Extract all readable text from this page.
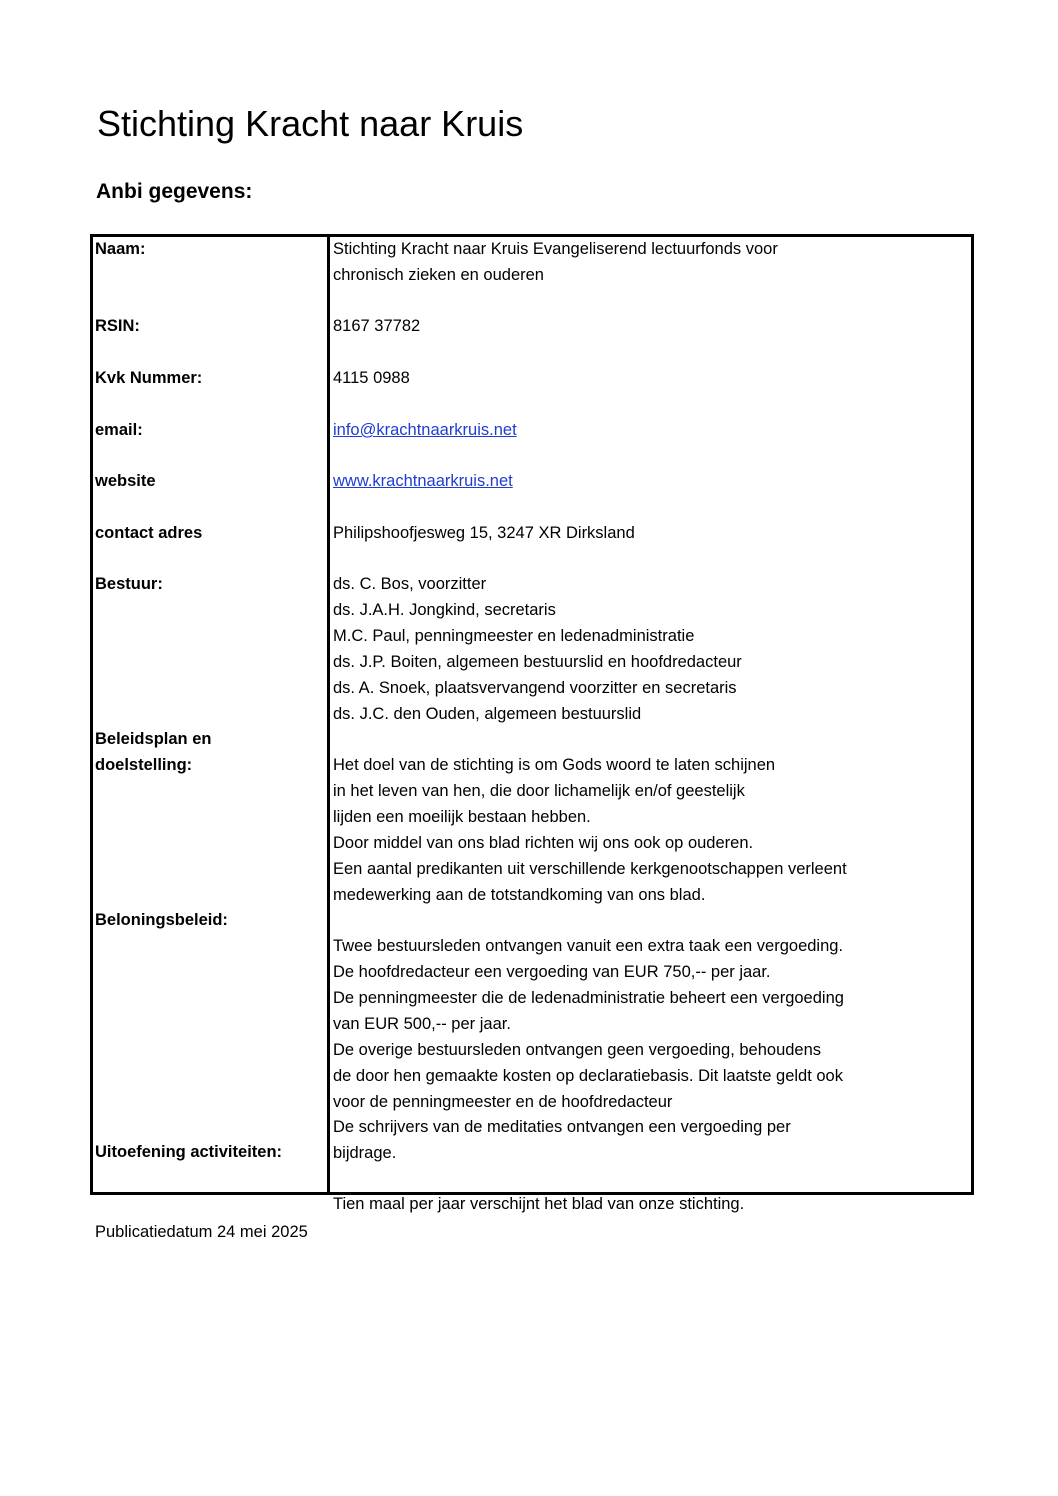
Stichting Kracht naar Kruis
Anbi gegevens:
Naam:
RSIN:
Kvk Nummer:
email:
website
contact adres
Bestuur:
Beleidsplan en
doelstelling:
Beloningsbeleid:
Uitoefening activiteiten:
Stichting Kracht naar Kruis Evangeliserend lectuurfonds voor
chronisch zieken en ouderen
8167 37782
4115 0988
info@krachtnaarkruis.net
www.krachtnaarkruis.net
Philipshoofjesweg 15, 3247 XR Dirksland
ds. C. Bos, voorzitter
ds. J.A.H. Jongkind, secretaris
M.C. Paul, penningmeester en ledenadministratie
ds. J.P. Boiten, algemeen bestuurslid en hoofdredacteur
ds. A. Snoek, plaatsvervangend voorzitter en secretaris
ds. J.C. den Ouden, algemeen bestuurslid
Het doel van de stichting is om Gods woord te laten schijnen
in het leven van hen, die door lichamelijk en/of geestelijk
lijden een moeilijk bestaan hebben.
Door middel van ons blad richten wij ons ook op ouderen.
Een aantal predikanten uit verschillende kerkgenootschappen verleent
medewerking aan de totstandkoming van ons blad.
Twee bestuursleden ontvangen vanuit een extra taak een vergoeding.
De hoofdredacteur een vergoeding van EUR 750,-- per jaar.
De penningmeester die de ledenadministratie beheert een vergoeding
van EUR 500,-- per jaar.
De overige bestuursleden ontvangen geen vergoeding, behoudens
de door hen gemaakte kosten op declaratiebasis. Dit laatste geldt ook
voor de penningmeester en de hoofdredacteur
De schrijvers van de meditaties ontvangen een vergoeding per
bijdrage.
Tien maal per jaar verschijnt het blad van onze stichting.
Publicatiedatum 24 mei 2025
